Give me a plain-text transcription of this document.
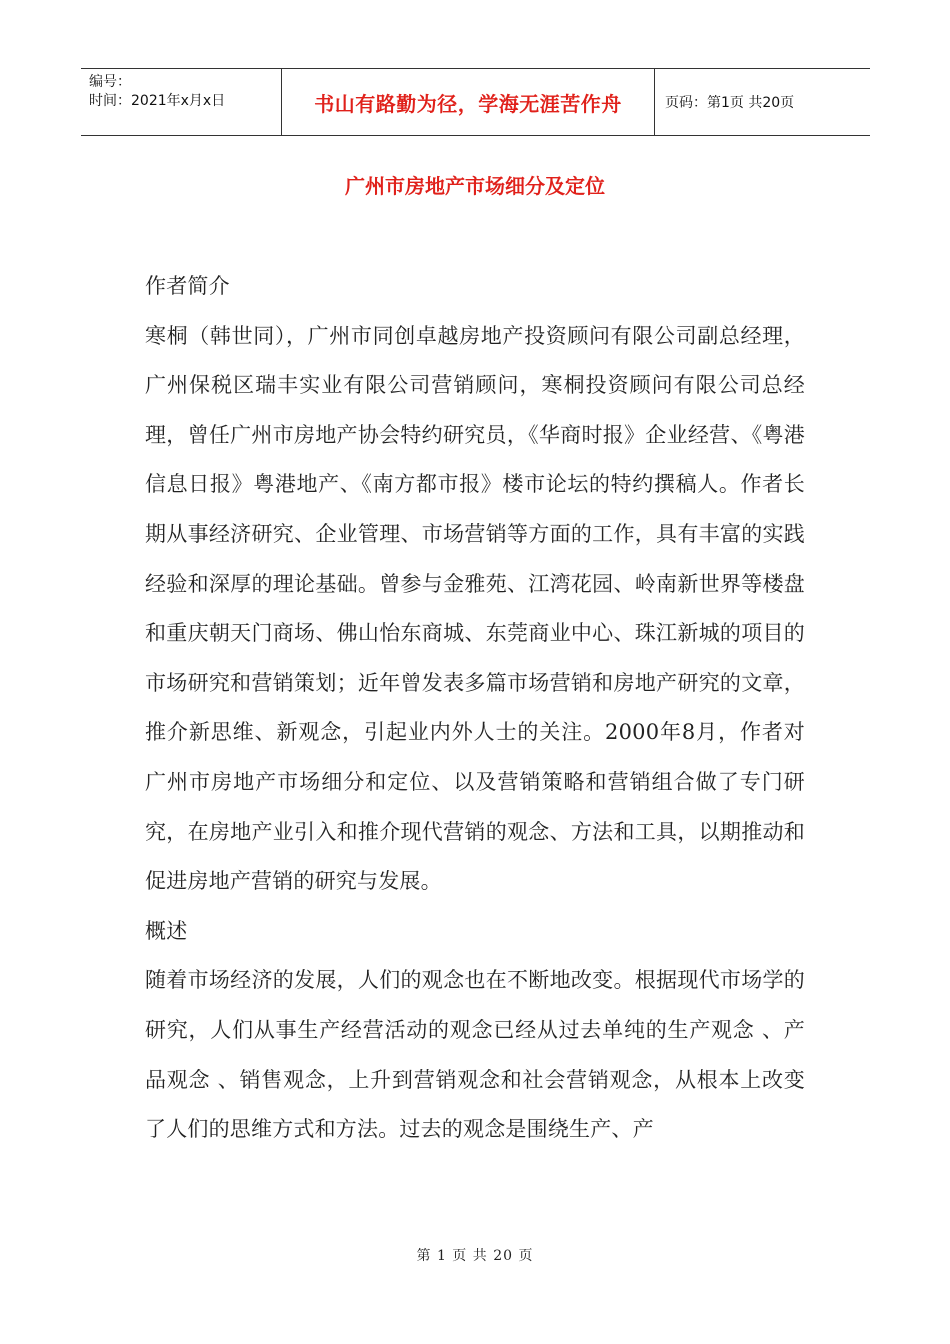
编号：
时间：2021年x月x日	书山有路勤为径，学海无涯苦作舟	页码：第1页 共20页
广州市房地产市场细分及定位

作者简介

寒桐（韩世同），广州市同创卓越房地产投资顾问有限公司副总经理，广州保税区瑞丰实业有限公司营销顾问，寒桐投资顾问有限公司总经理，曾任广州市房地产协会特约研究员，《华商时报》企业经营、《粤港信息日报》粤港地产、《南方都市报》楼市论坛的特约撰稿人。作者长期从事经济研究、企业管理、市场营销等方面的工作，具有丰富的实践经验和深厚的理论基础。曾参与金雅苑、江湾花园、岭南新世界等楼盘和重庆朝天门商场、佛山怡东商城、东莞商业中心、珠江新城的项目的市场研究和营销策划；近年曾发表多篇市场营销和房地产研究的文章，推介新思维、新观念，引起业内外人士的关注。2000年8月，作者对广州市房地产市场细分和定位、以及营销策略和营销组合做了专门研究，在房地产业引入和推介现代营销的观念、方法和工具，以期推动和促进房地产营销的研究与发展。

概述

随着市场经济的发展，人们的观念也在不断地改变。根据现代市场学的研究，人们从事生产经营活动的观念已经从过去单纯的生产观念 、产品观念 、销售观念，上升到营销观念和社会营销观念，从根本上改变了人们的思维方式和方法。过去的观念是围绕生产、产

第 1 页 共 20 页
